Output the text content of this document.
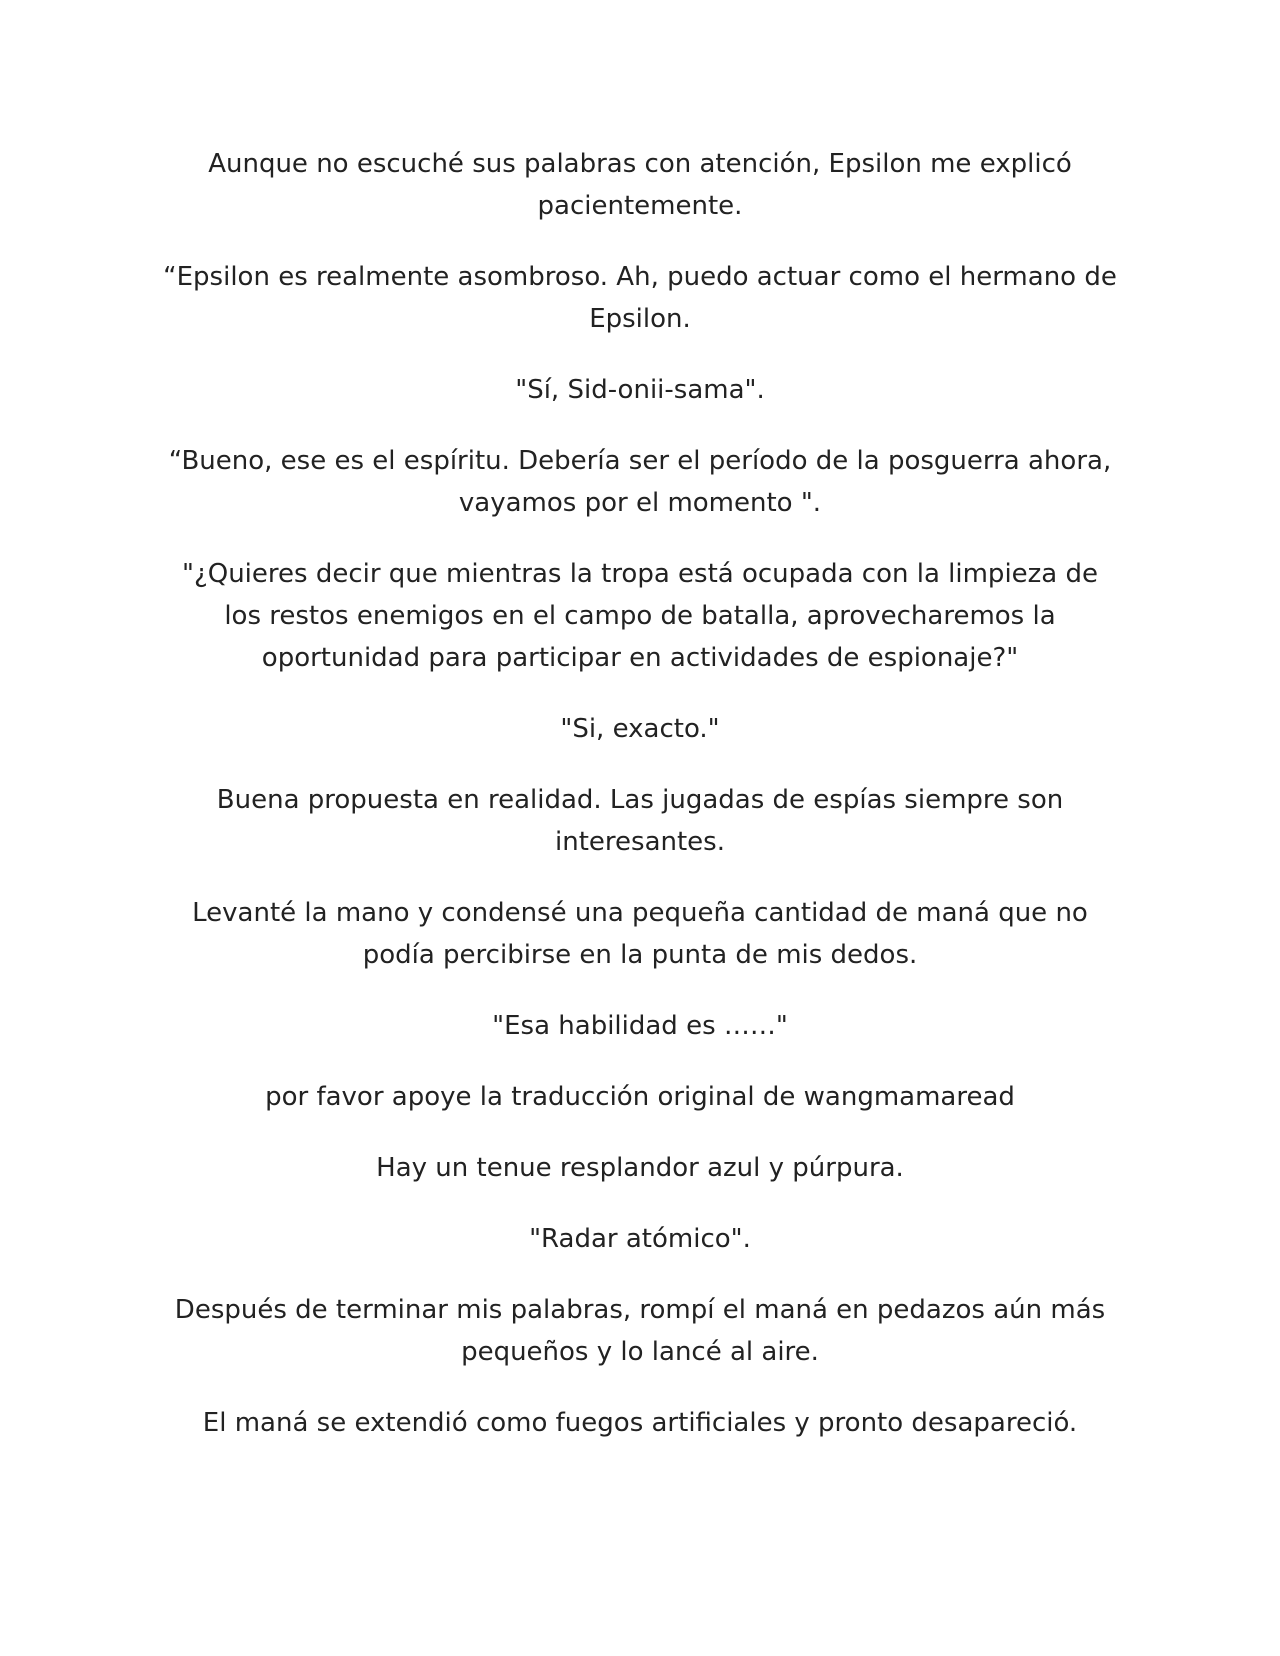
Aunque no escuché sus palabras con atención, Epsilon me explicó pacientemente.

“Epsilon es realmente asombroso. Ah, puedo actuar como el hermano de Epsilon.

"Sí, Sid-onii-sama".

“Bueno, ese es el espíritu. Debería ser el período de la posguerra ahora, vayamos por el momento ".

"¿Quieres decir que mientras la tropa está ocupada con la limpieza de los restos enemigos en el campo de batalla, aprovecharemos la oportunidad para participar en actividades de espionaje?"

"Si, exacto."

Buena propuesta en realidad. Las jugadas de espías siempre son interesantes.

Levanté la mano y condensé una pequeña cantidad de maná que no podía percibirse en la punta de mis dedos.

"Esa habilidad es ……"

por favor apoye la traducción original de wangmamaread

Hay un tenue resplandor azul y púrpura.

"Radar atómico".

Después de terminar mis palabras, rompí el maná en pedazos aún más pequeños y lo lancé al aire.

El maná se extendió como fuegos artificiales y pronto desapareció.
